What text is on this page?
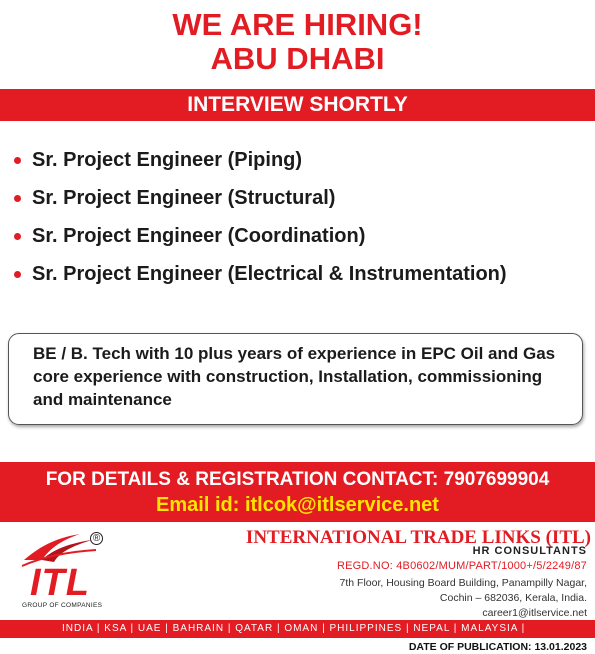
WE ARE HIRING!
ABU DHABI
INTERVIEW SHORTLY
Sr. Project Engineer (Piping)
Sr. Project Engineer (Structural)
Sr. Project Engineer (Coordination)
Sr. Project Engineer (Electrical & Instrumentation)

BE / B. Tech with 10 plus years of experience in EPC Oil and Gas core experience with construction, Installation, commissioning and maintenance

FOR DETAILS & REGISTRATION CONTACT: 7907699904
Email id: itlcok@itlservice.net
®
ITL
GROUP OF COMPANIES
INTERNATIONAL TRADE LINKS (ITL)
HR CONSULTANTS
REGD.NO: 4B0602/MUM/PART/1000+/5/2249/87
7th Floor, Housing Board Building, Panampilly Nagar,
Cochin – 682036, Kerala, India.
career1@itlservice.net
INDIA | KSA | UAE | BAHRAIN | QATAR | OMAN | PHILIPPINES | NEPAL | MALAYSIA |
DATE OF PUBLICATION: 13.01.2023
